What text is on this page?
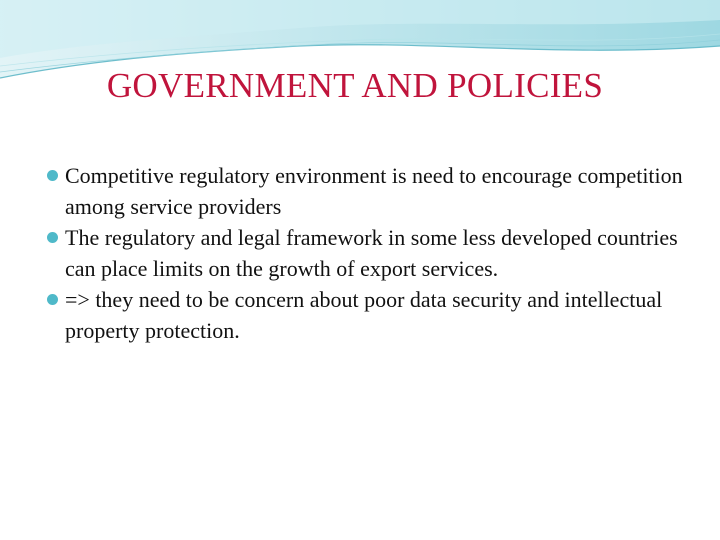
GOVERNMENT AND POLICIES
Competitive regulatory environment is need to encourage competition among service providers
The regulatory and legal framework in some less developed countries can place limits on the growth of export services.
=> they need to be concern about poor data security and intellectual property protection.
